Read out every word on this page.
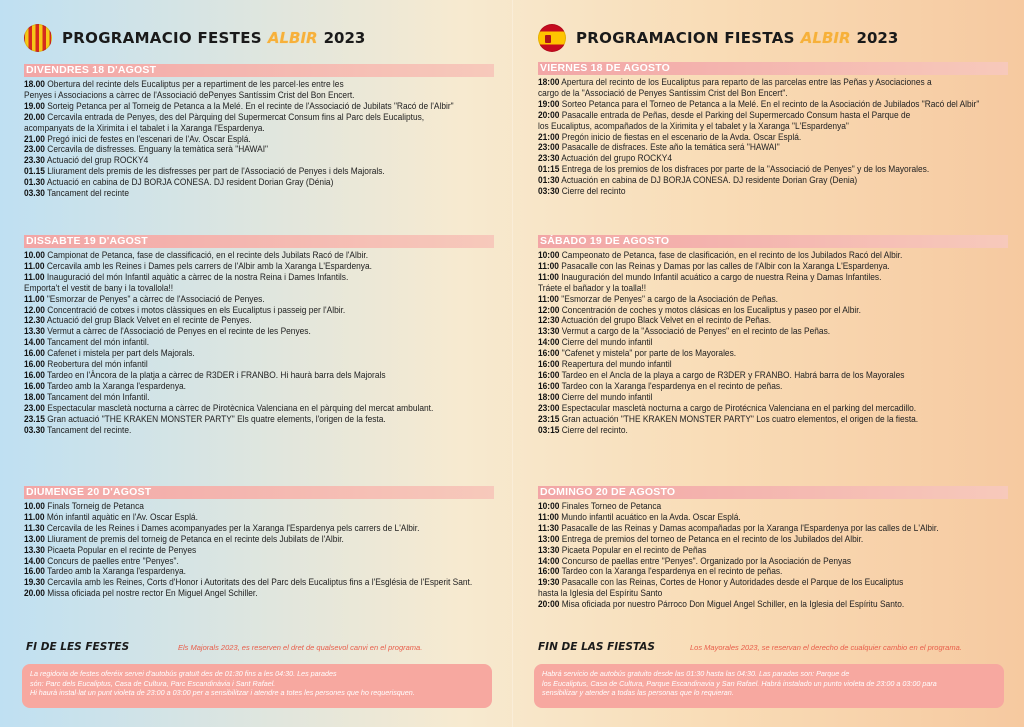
PROGRAMACIO FESTES ALBIR 2023	PROGRAMACION FIESTAS ALBIR 2023
DIVENDRES 18 D'AGOST
18.00 Obertura del recinte dels Eucaliptus per a repartiment de les parcel·les entre les
Penyes i Associacions a càrrec de l'Associació dePenyes Santíssim Crist del Bon Encert.
19.00 Sorteig Petanca per al Torneig de Petanca a la Melé. En el recinte de l'Associació de Jubilats "Racó de l'Albir"
20.00 Cercavila entrada de Penyes, des del Pàrquing del Supermercat Consum fins al Parc dels Eucaliptus,
acompanyats de la Xirimita i el tabalet i la Xaranga l'Espardenya.
21.00 Pregó inici de festes en l'escenari de l'Av. Oscar Esplá.
23.00 Cercavila de disfresses. Enguany la temàtica serà "HAWAI"
23.30 Actuació del grup ROCKY4
01.15 Lliurament dels premis de les disfresses per part de l'Associació de Penyes i dels Majorals.
01.30 Actuació en cabina de DJ BORJA CONESA. DJ resident Dorian Gray (Dénia)
03.30 Tancament del recinte
DISSABTE 19 D'AGOST
10.00 Campionat de Petanca, fase de classificació, en el recinte dels Jubilats Racó de l'Albir.
11.00 Cercavila amb les Reines i Dames pels carrers de l'Albir amb la Xaranga L'Espardenya.
11.00 Inauguració del món Infantil aquàtic a càrrec de la nostra Reina i Dames Infantils.
Emporta't el vestit de bany i la tovallola!!
11.00 "Esmorzar de Penyes" a càrrec de l'Associació de Penyes.
12.00 Concentració de cotxes i motos clàssiques en els Eucaliptus i passeig per l'Albir.
12.30 Actuació del grup Black Velvet en el recinte de Penyes.
13.30 Vermut a càrrec de l'Associació de Penyes en el recinte de les Penyes.
14.00 Tancament del món infantil.
16.00 Cafenet i mistela per part dels Majorals.
16.00 Reobertura del món infantil
16.00 Tardeo en l'Àncora de la platja a càrrec de R3DER i FRANBO. Hi haurà barra dels Majorals
16.00 Tardeo amb la Xaranga l'espardenya.
18.00 Tancament del món Infantil.
23.00 Espectacular mascletà nocturna a càrrec de Pirotècnica Valenciana en el pàrquing del mercat ambulant.
23.15 Gran actuació "THE KRAKEN MONSTER PARTY" Els quatre elements, l'origen de la festa.
03.30 Tancament del recinte.
DIUMENGE 20 D'AGOST
10.00 Finals Torneig de Petanca
11.00 Món infantil aquàtic en l'Av. Oscar Esplá.
11.30 Cercavila de les Reines i Dames acompanyades per la Xaranga l'Espardenya pels carrers de L'Albir.
13.00 Lliurament de premis del torneig de Petanca en el recinte dels Jubilats de l'Albir.
13.30 Picaeta Popular en el recinte de Penyes
14.00 Concurs de paelles entre "Penyes".
16.00 Tardeo amb la Xaranga l'espardenya.
19.30 Cercavila amb les Reines, Corts d'Honor i Autoritats des del Parc dels Eucaliptus fins a l'Església de l'Esperit Sant.
20.00 Missa oficiada pel nostre rector En Miguel Angel Schiller.
VIERNES 18 DE AGOSTO
18:00 Apertura del recinto de los Eucaliptus para reparto de las parcelas entre las Peñas y Asociaciones a
cargo de la "Associació de Penyes Santíssim Crist del Bon Encert".
19:00 Sorteo Petanca para el Torneo de Petanca a la Melé. En el recinto de la Asociación de Jubilados "Racó del Albir"
20:00 Pasacalle entrada de Peñas, desde el Parking del Supermercado Consum hasta el Parque de
los Eucaliptus, acompañados de la Xirimita y el tabalet y la Xaranga "L'Espardenya"
21:00 Pregón inicio de fiestas en el escenario de la Avda. Oscar Esplá.
23:00 Pasacalle de disfraces. Este año la temática será "HAWAI"
23:30 Actuación del grupo ROCKY4
01:15 Entrega de los premios de los disfraces por parte de la "Associació de Penyes" y de los Mayorales.
01:30 Actuación en cabina de DJ BORJA CONESA. DJ residente Dorian Gray (Denia)
03:30 Cierre del recinto
SÁBADO 19 DE AGOSTO
10:00 Campeonato de Petanca, fase de clasificación, en el recinto de los Jubilados Racó del Albir.
11:00 Pasacalle con las Reinas y Damas por las calles de l'Albir con la Xaranga L'Espardenya.
11:00 Inauguración del mundo Infantil acuático a cargo de nuestra Reina y Damas Infantiles.
Tráete el bañador y la toalla!!
11:00 "Esmorzar de Penyes" a cargo de la Asociación de Peñas.
12:00 Concentración de coches y motos clásicas en los Eucaliptus y paseo por el Albir.
12:30 Actuación del grupo Black Velvet en el recinto de Peñas.
13:30 Vermut a cargo de la "Associació de Penyes" en el recinto de las Peñas.
14:00 Cierre del mundo infantil
16:00 "Cafenet y mistela" por parte de los Mayorales.
16:00 Reapertura del mundo infantil
16:00 Tardeo en el Ancla de la playa a cargo de R3DER y FRANBO. Habrá barra de los Mayorales
16:00 Tardeo con la Xaranga l'espardenya en el recinto de peñas.
18:00 Cierre del mundo infantil
23:00 Espectacular mascletà nocturna a cargo de Pirotécnica Valenciana en el parking del mercadillo.
23:15 Gran actuación "THE KRAKEN MONSTER PARTY" Los cuatro elementos, el origen de la fiesta.
03:15 Cierre del recinto.
DOMINGO 20 DE AGOSTO
10:00 Finales Torneo de Petanca
11:00 Mundo infantil acuático en la Avda. Oscar Esplá.
11:30 Pasacalle de las Reinas y Damas acompañadas por la Xaranga l'Espardenya por las calles de L'Albir.
13:00 Entrega de premios del torneo de Petanca en el recinto de los Jubilados del Albir.
13:30 Picaeta Popular en el recinto de Peñas
14:00 Concurso de paellas entre "Penyes". Organizado por la Asociación de Penyas
16:00 Tardeo con la Xaranga l'espardenya en el recinto de peñas.
19:30 Pasacalle con las Reinas, Cortes de Honor y Autoridades desde el Parque de los Eucaliptus
hasta la Iglesia del Espíritu Santo
20:00 Misa oficiada por nuestro Párroco Don Miguel Angel Schiller, en la Iglesia del Espíritu Santo.
FI DE LES FESTES	Els Majorals 2023, es reserven el dret de qualsevol canvi en el programa.
La regidoria de festes oferéix servei d'autobús gratuït des de 01:30 fins a les 04:30. Les parades
són: Parc dels Eucaliptus, Casa de Cultura, Parc Escandinàvia i Sant Rafael.
Hi haurà instal·lat un punt violeta de 23:00 a 03:00 per a sensibilitzar i atendre a totes les persones que ho requerisquen.
FIN DE LAS FIESTAS	Los Mayorales 2023, se reservan el derecho de cualquier cambio en el programa.
Habrá servicio de autobús gratuito desde las 01:30 hasta las 04:30. Las paradas son: Parque de
los Eucaliptus, Casa de Cultura, Parque Escandinavia y San Rafael. Habrá instalado un punto violeta de 23:00 a 03:00 para
sensibilizar y atender a todas las personas que lo requieran.
